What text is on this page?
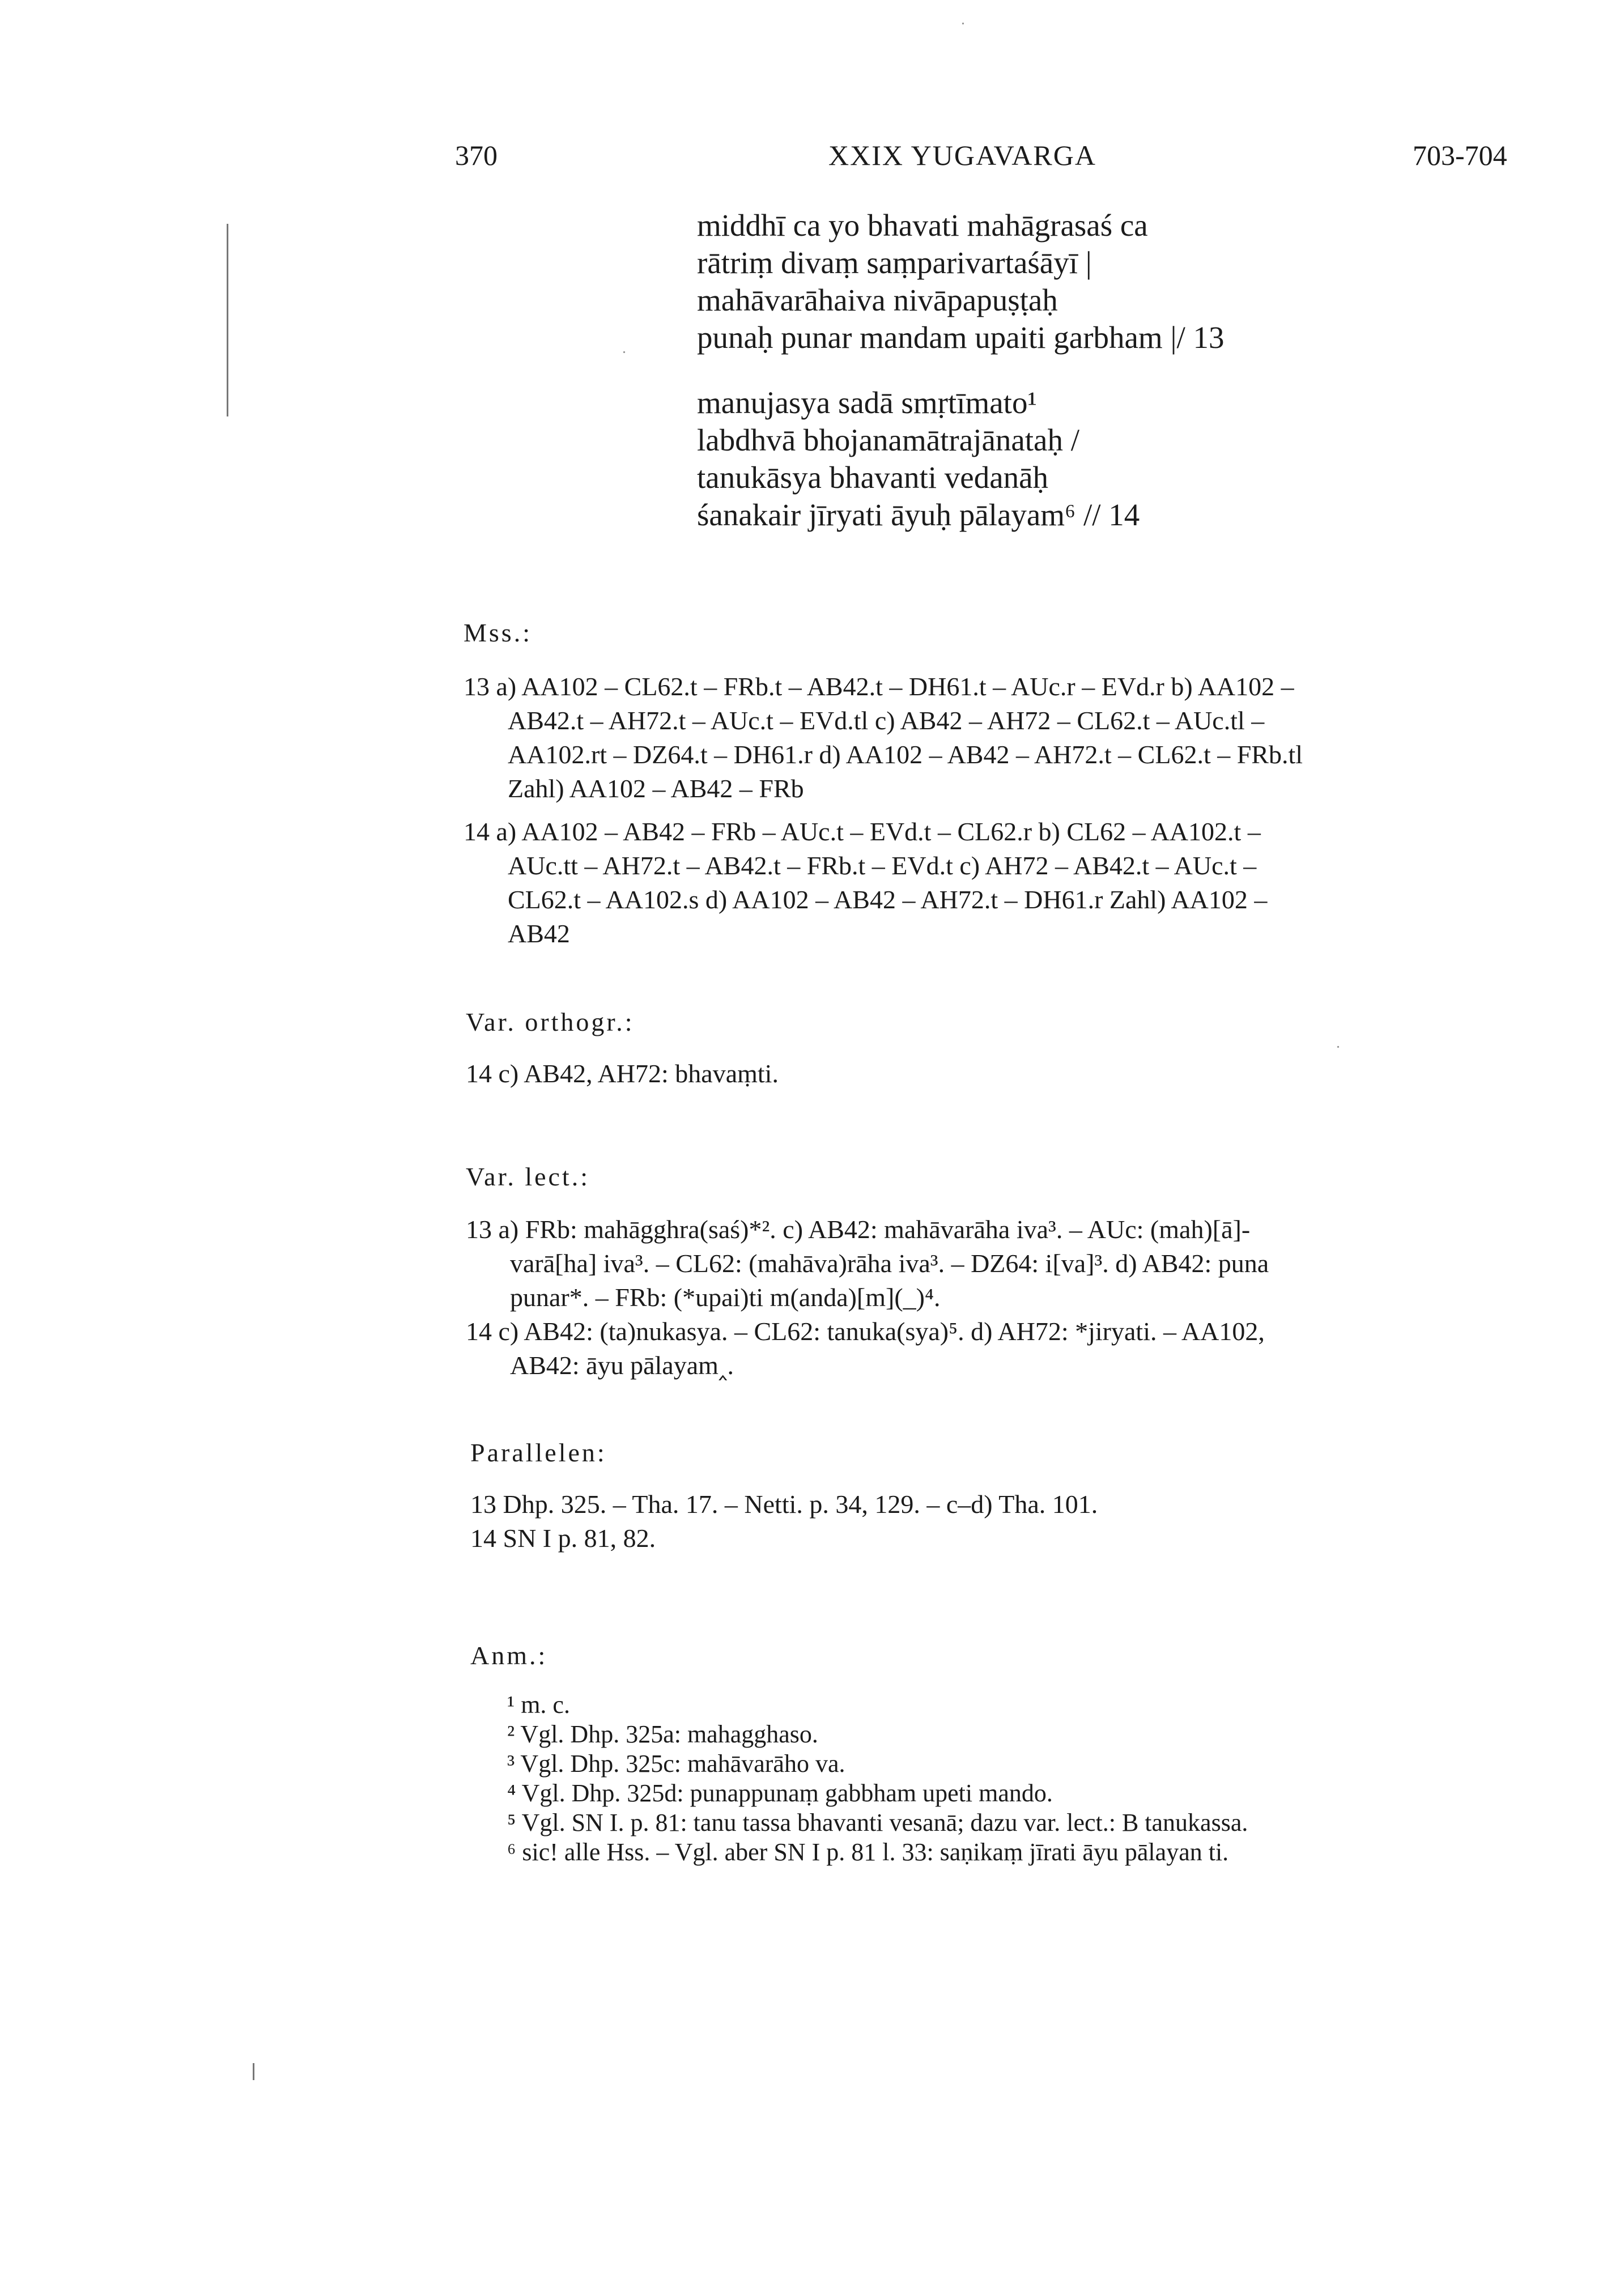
370	XXIX YUGAVARGA	703-704
middhī ca yo bhavati mahāgrasaś ca
rātriṃ divaṃ saṃparivartaśāyī |
mahāvarāhaiva nivāpapuṣṭaḥ
punaḥ punar mandam upaiti garbham |/ 13
manujasya sadā smṛtīmato¹
labdhvā bhojanamātrajānataḥ /
tanukāsya bhavanti vedanāḥ
śanakair jīryati āyuḥ pālayam⁶ // 14
Mss.:
13 a) AA102 – CL62.t – FRb.t – AB42.t – DH61.t – AUc.r – EVd.r b) AA102 –
AB42.t – AH72.t – AUc.t – EVd.tl c) AB42 – AH72 – CL62.t – AUc.tl –
AA102.rt – DZ64.t – DH61.r d) AA102 – AB42 – AH72.t – CL62.t – FRb.tl
Zahl) AA102 – AB42 – FRb
14 a) AA102 – AB42 – FRb – AUc.t – EVd.t – CL62.r b) CL62 – AA102.t –
AUc.tt – AH72.t – AB42.t – FRb.t – EVd.t c) AH72 – AB42.t – AUc.t –
CL62.t – AA102.s d) AA102 – AB42 – AH72.t – DH61.r Zahl) AA102 –
AB42
Var. orthogr.:
14 c) AB42, AH72: bhavaṃti.
Var. lect.:
13 a) FRb: mahāgghra(saś)*². c) AB42: mahāvarāha iva³. – AUc: (mah)[ā]-
varā[ha] iva³. – CL62: (mahāva)rāha iva³. – DZ64: i[va]³. d) AB42: puna
punar*. – FRb: (*upai)ti m(anda)[m](_)⁴.
14 c) AB42: (ta)nukasya. – CL62: tanuka(sya)⁵. d) AH72: *jiryati. – AA102,
AB42: āyu pālayam‸.
Parallelen:
13 Dhp. 325. – Tha. 17. – Netti. p. 34, 129. – c–d) Tha. 101.
14 SN I p. 81, 82.
Anm.:
¹ m. c.
² Vgl. Dhp. 325a: mahagghaso.
³ Vgl. Dhp. 325c: mahāvarāho va.
⁴ Vgl. Dhp. 325d: punappunaṃ gabbham upeti mando.
⁵ Vgl. SN I. p. 81: tanu tassa bhavanti vesanā; dazu var. lect.: B tanukassa.
⁶ sic! alle Hss. – Vgl. aber SN I p. 81 l. 33: saṇikaṃ jīrati āyu pālayan ti.
